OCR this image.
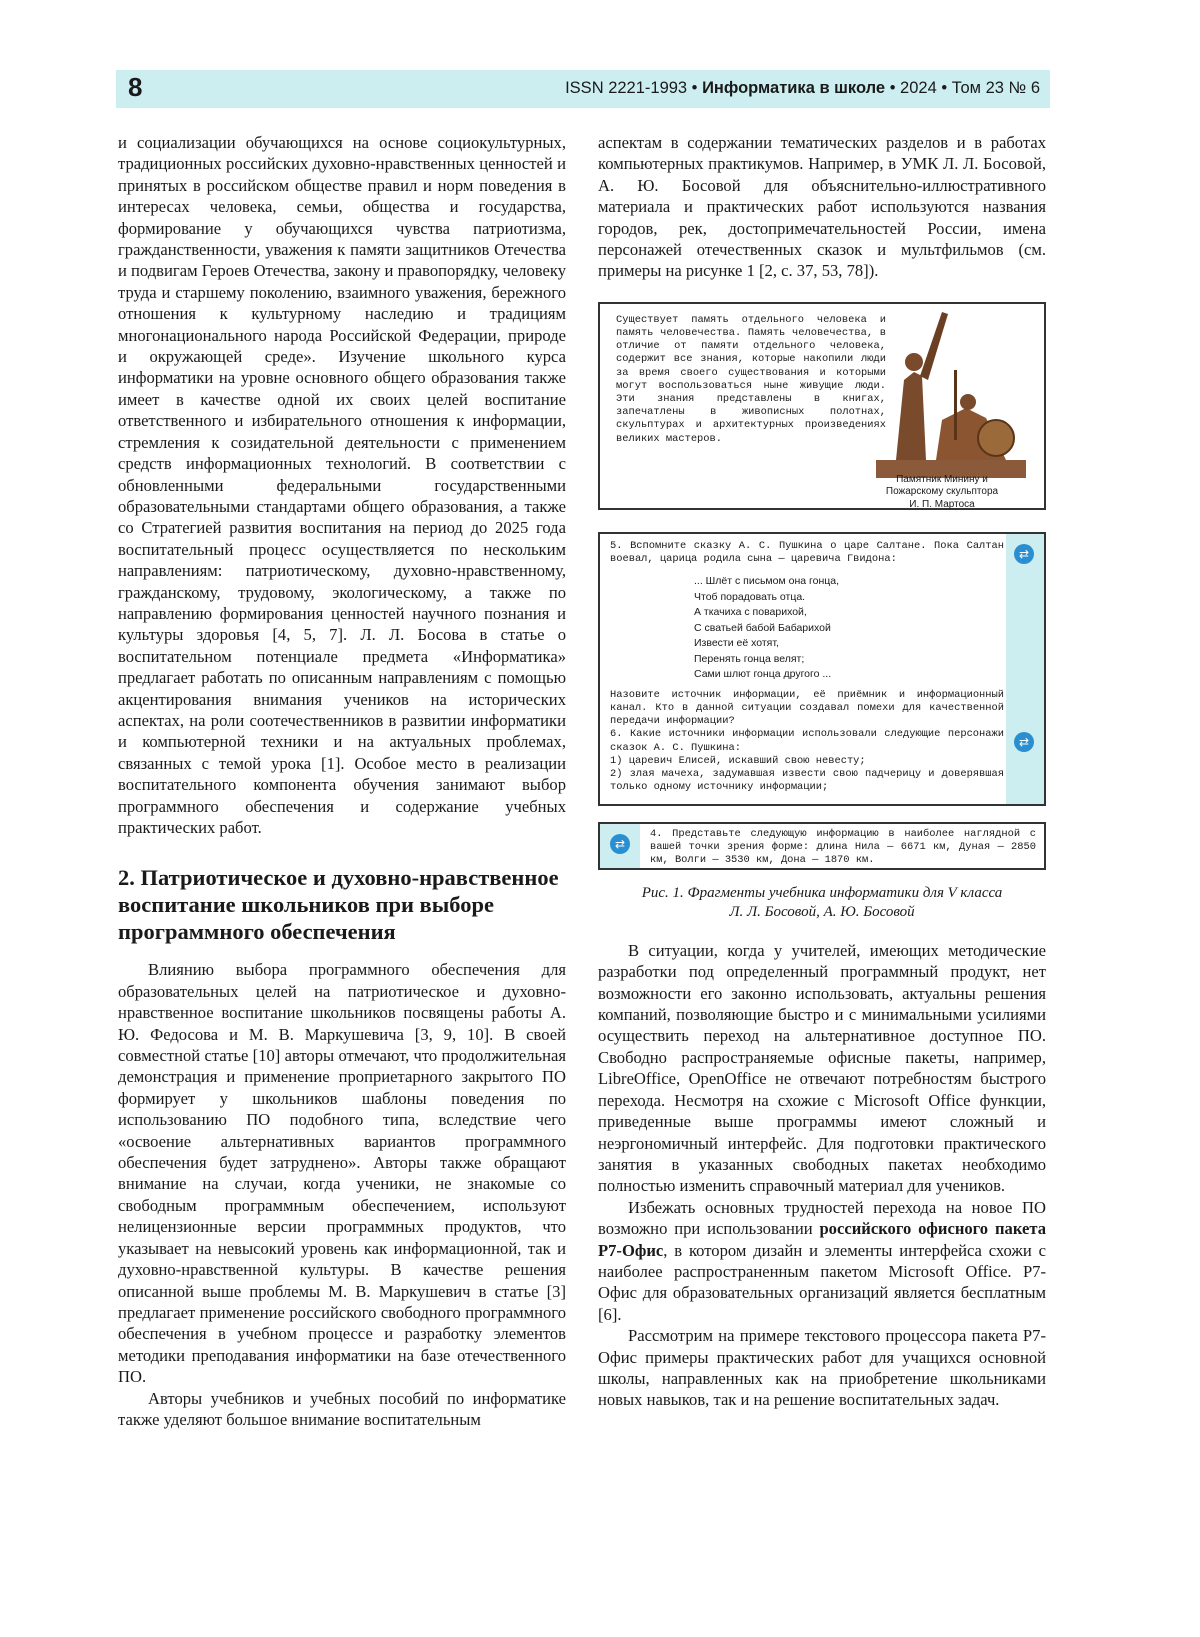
8	ISSN 2221-1993 • Информатика в школе • 2024 • Том 23 № 6

и социализации обучающихся на основе социокультурных, традиционных российских духовно-нравственных ценностей и принятых в российском обществе правил и норм поведения в интересах человека, семьи, общества и государства, формирование у обучающихся чувства патриотизма, гражданственности, уважения к памяти защитников Отечества и подвигам Героев Отечества, закону и правопорядку, человеку труда и старшему поколению, взаимного уважения, бережного отношения к культурному наследию и традициям многонационального народа Российской Федерации, природе и окружающей среде». Изучение школьного курса информатики на уровне основного общего образования также имеет в качестве одной их своих целей воспитание ответственного и избирательного отношения к информации, стремления к созидательной деятельности с применением средств информационных технологий. В соответствии с обновленными федеральными государственными образовательными стандартами общего образования, а также со Стратегией развития воспитания на период до 2025 года воспитательный процесс осуществляется по нескольким направлениям: патриотическому, духовно-нравственному, гражданскому, трудовому, экологическому, а также по направлению формирования ценностей научного познания и культуры здоровья [4, 5, 7]. Л. Л. Босова в статье о воспитательном потенциале предмета «Информатика» предлагает работать по описанным направлениям с помощью акцентирования внимания учеников на исторических аспектах, на роли соотечественников в развитии информатики и компьютерной техники и на актуальных проблемах, связанных с темой урока [1]. Особое место в реализации воспитательного компонента обучения занимают выбор программного обеспечения и содержание учебных практических работ.

2. Патриотическое и духовно-нравственное воспитание школьников при выборе программного обеспечения

Влиянию выбора программного обеспечения для образовательных целей на патриотическое и духовно-нравственное воспитание школьников посвящены работы А. Ю. Федосова и М. В. Маркушевича [3, 9, 10]. В своей совместной статье [10] авторы отмечают, что продолжительная демонстрация и применение проприетарного закрытого ПО формирует у школьников шаблоны поведения по использованию ПО подобного типа, вследствие чего «освоение альтернативных вариантов программного обеспечения будет затруднено». Авторы также обращают внимание на случаи, когда ученики, не знакомые со свободным программным обеспечением, используют нелицензионные версии программных продуктов, что указывает на невысокий уровень как информационной, так и духовно-нравственной культуры. В качестве решения описанной выше проблемы М. В. Маркушевич в статье [3] предлагает применение российского свободного программного обеспечения в учебном процессе и разработку элементов методики преподавания информатики на базе отечественного ПО.

Авторы учебников и учебных пособий по информатике также уделяют большое внимание воспитательным

аспектам в содержании тематических разделов и в работах компьютерных практикумов. Например, в УМК Л. Л. Босовой, А. Ю. Босовой для объяснительно-иллюстративного материала и практических работ используются названия городов, рек, достопримечательностей России, имена персонажей отечественных сказок и мультфильмов (см. примеры на рисунке 1 [2, с. 37, 53, 78]).

Существует память отдельного человека и память человечества. Память человечества, в отличие от памяти отдельного человека, содержит все знания, которые накопили люди за время своего существования и которыми могут воспользоваться ныне живущие люди. Эти знания представлены в книгах, запечатлены в живописных полотнах, скульптурах и архитектурных произведениях великих мастеров.
Памятник Минину и
Пожарскому скульптора
И. П. Мартоса
⇄
⇄
5. Вспомните сказку А. С. Пушкина о царе Салтане. Пока Салтан воевал, царица родила сына — царевича Гвидона:
... Шлёт с письмом она гонца,
Чтоб порадовать отца.
А ткачиха с поварихой,
С сватьей бабой Бабарихой
Извести её хотят,
Перенять гонца велят;
Сами шлют гонца другого ...
Назовите источник информации, её приёмник и информационный канал. Кто в данной ситуации создавал помехи для качественной передачи информации?
6. Какие источники информации использовали следующие персонажи сказок А. С. Пушкина:
1) царевич Елисей, искавший свою невесту;
2) злая мачеха, задумавшая извести свою падчерицу и доверявшая только одному источнику информации;
⇄
4. Представьте следующую информацию в наиболее наглядной с вашей точки зрения форме: длина Нила — 6671 км, Дуная — 2850 км, Волги — 3530 км, Дона — 1870 км.
Рис. 1. Фрагменты учебника информатики для V класса
Л. Л. Босовой, А. Ю. Босовой

В ситуации, когда у учителей, имеющих методические разработки под определенный программный продукт, нет возможности его законно использовать, актуальны решения компаний, позволяющие быстро и с минимальными усилиями осуществить переход на альтернативное доступное ПО. Свободно распространяемые офисные пакеты, например, LibreOffice, OpenOffice не отвечают потребностям быстрого перехода. Несмотря на схожие с Microsoft Office функции, приведенные выше программы имеют сложный и неэргономичный интерфейс. Для подготовки практического занятия в указанных свободных пакетах необходимо полностью изменить справочный материал для учеников.

Избежать основных трудностей перехода на новое ПО возможно при использовании российского офисного пакета Р7-Офис, в котором дизайн и элементы интерфейса схожи с наиболее распространенным пакетом Microsoft Office. Р7-Офис для образовательных организаций является бесплатным [6].

Рассмотрим на примере текстового процессора пакета Р7-Офис примеры практических работ для учащихся основной школы, направленных как на приобретение школьниками новых навыков, так и на решение воспитательных задач.
